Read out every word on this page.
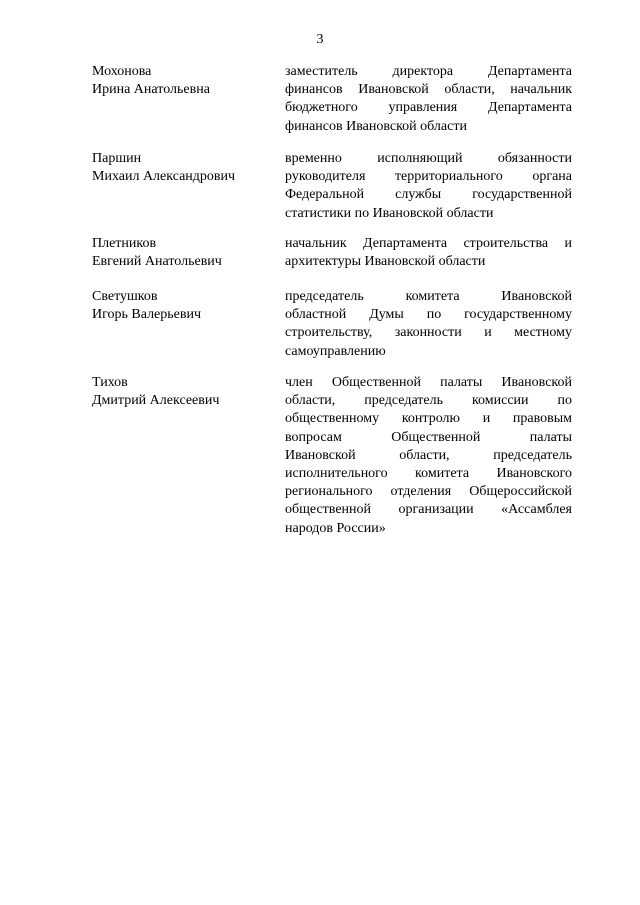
3
Мохонова
Ирина Анатольевна
заместитель директора Департамента
финансов Ивановской области, начальник
бюджетного управления Департамента
финансов Ивановской области
Паршин
Михаил Александрович
временно исполняющий обязанности
руководителя территориального органа
Федеральной службы государственной
статистики по Ивановской области
Плетников
Евгений Анатольевич
начальник Департамента строительства и
архитектуры Ивановской области
Светушков
Игорь Валерьевич
председатель комитета Ивановской
областной Думы по государственному
строительству, законности и местному
самоуправлению
Тихов
Дмитрий Алексеевич
член Общественной палаты Ивановской
области, председатель комиссии по
общественному контролю и правовым
вопросам Общественной палаты
Ивановской области, председатель
исполнительного комитета Ивановского
регионального отделения Общероссийской
общественной организации «Ассамблея
народов России»
